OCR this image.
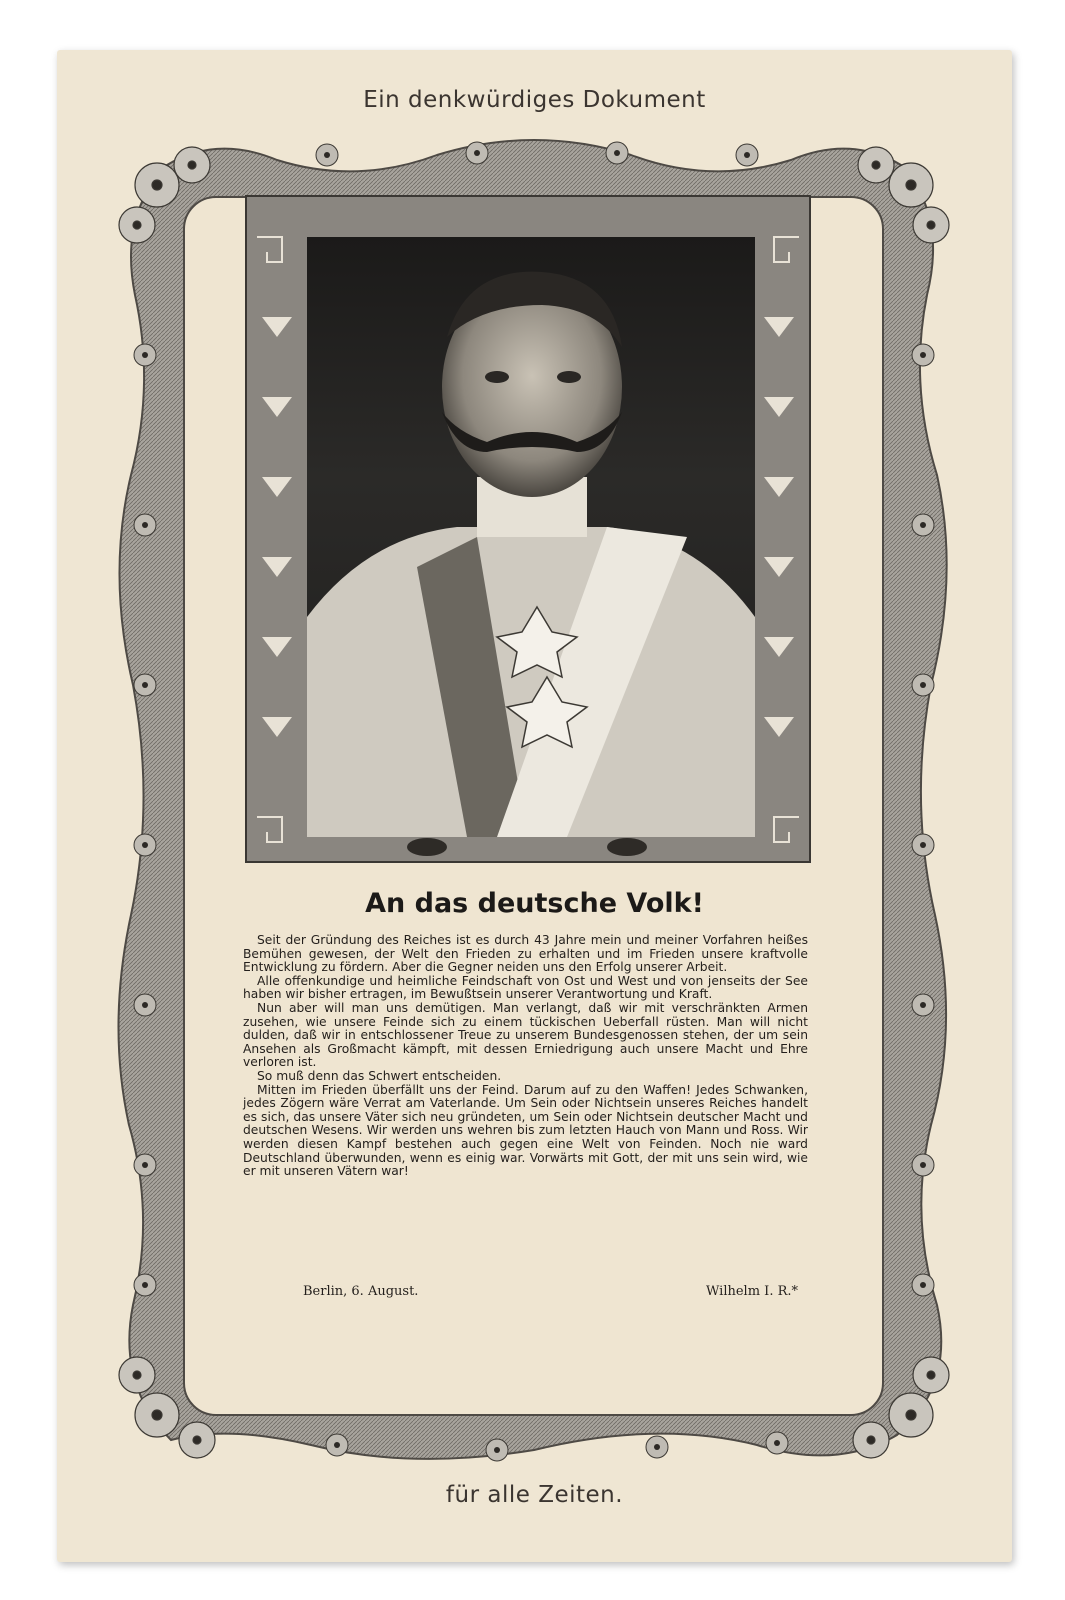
Ein denkwürdiges Dokument
An das deutsche Volk!

Seit der Gründung des Reiches ist es durch 43 Jahre mein und meiner Vorfahren heißes Bemühen gewesen, der Welt den Frieden zu erhalten und im Frieden unsere kraftvolle Entwicklung zu fördern. Aber die Gegner neiden uns den Erfolg unserer Arbeit.

Alle offenkundige und heimliche Feindschaft von Ost und West und von jenseits der See haben wir bisher ertragen, im Bewußtsein unserer Verantwortung und Kraft.

Nun aber will man uns demütigen. Man verlangt, daß wir mit verschränkten Armen zusehen, wie unsere Feinde sich zu einem tückischen Ueberfall rüsten. Man will nicht dulden, daß wir in entschlossener Treue zu unserem Bundesgenossen stehen, der um sein Ansehen als Großmacht kämpft, mit dessen Erniedrigung auch unsere Macht und Ehre verloren ist.

So muß denn das Schwert entscheiden.

Mitten im Frieden überfällt uns der Feind. Darum auf zu den Waffen! Jedes Schwanken, jedes Zögern wäre Verrat am Vaterlande. Um Sein oder Nichtsein unseres Reiches handelt es sich, das unsere Väter sich neu gründeten, um Sein oder Nichtsein deutscher Macht und deutschen Wesens. Wir werden uns wehren bis zum letzten Hauch von Mann und Ross. Wir werden diesen Kampf bestehen auch gegen eine Welt von Feinden. Noch nie ward Deutschland überwunden, wenn es einig war. Vorwärts mit Gott, der mit uns sein wird, wie er mit unseren Vätern war!

Berlin, 6. August.	Wilhelm I. R.*
für alle Zeiten.
